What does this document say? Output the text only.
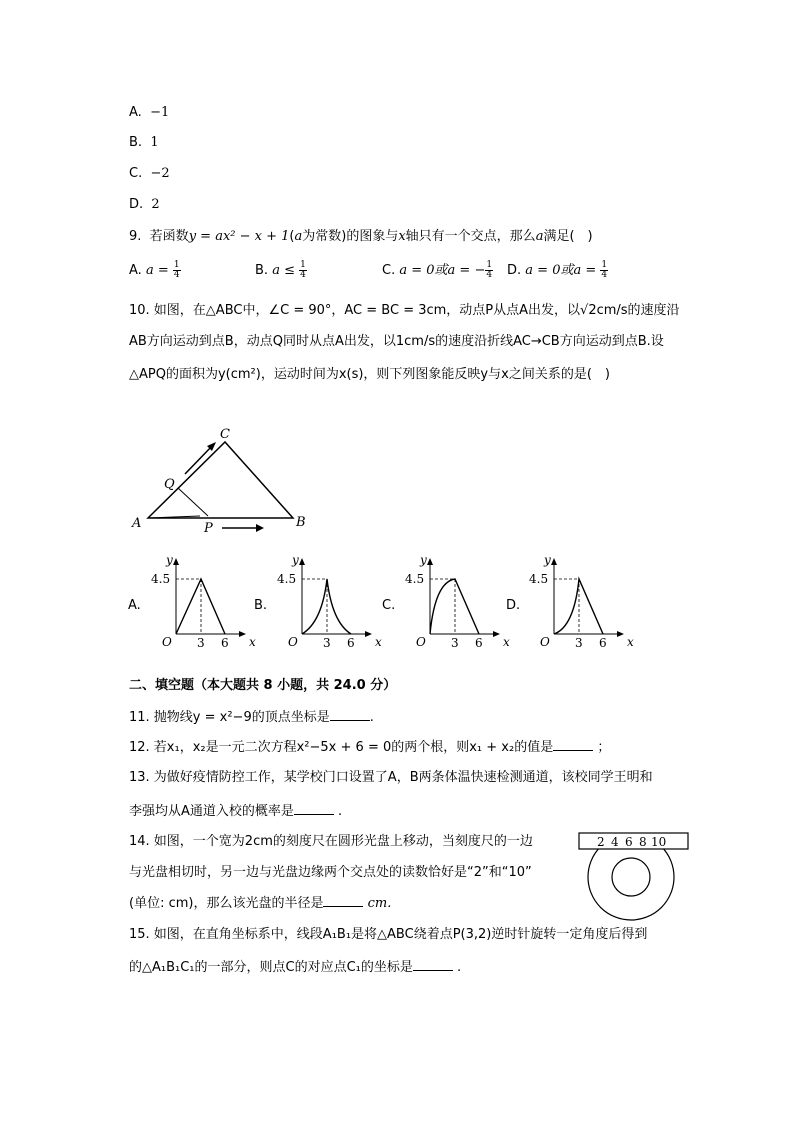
A. −1
B. 1
C. −2
D. 2
9. 若函数y = ax² − x + 1(a为常数)的图象与x轴只有一个交点，那么a满足(　)
A. $a = \frac{1}{4}$	B. $a \le \frac{1}{4}$	C. a = 0或a = − $\frac{1}{4} D$. a = 0或$a = \frac{1}{4}$
10. 如图，在△ABC中，∠C = 90°，AC = BC = 3cm，动点P从点A出发，以√2cm/s的速度沿
AB方向运动到点B，动点Q同时从点A出发，以1cm/s的速度沿折线AC→CB方向运动到点B.设
△APQ的面积为y(cm²)，运动时间为x(s)，则下列图象能反映y与x之间关系的是(　)
A	B
C
P
Q
A.
y
x
O
4.5
3 6
B.
y
x
O
4.5
3 6
C.
y
x
O
4.5
3 6
D.
y
x
O
4.5
3 6
二、填空题（本大题共 8 小题，共 24.0 分）
11. 抛物线y = x²−9的顶点坐标是	.
12. 若x₁，x₂是一元二次方程x²−5x + 6 = 0的两个根，则x₁ + x₂的值是	；
13. 为做好疫情防控工作，某学校门口设置了A，B两条体温快速检测通道，该校同学王明和
李强均从A通道入校的概率是	.
14. 如图，一个宽为2cm的刻度尺在圆形光盘上移动，当刻度尺的一边
与光盘相切时，另一边与光盘边缘两个交点处的读数恰好是“2”和“10”
(单位: cm)，那么该光盘的半径是	cm.
2 4 6 8 10
15. 如图，在直角坐标系中，线段A₁B₁是将△ABC绕着点P(3,2)逆时针旋转一定角度后得到
的△A₁B₁C₁的一部分，则点C的对应点C₁的坐标是	.
